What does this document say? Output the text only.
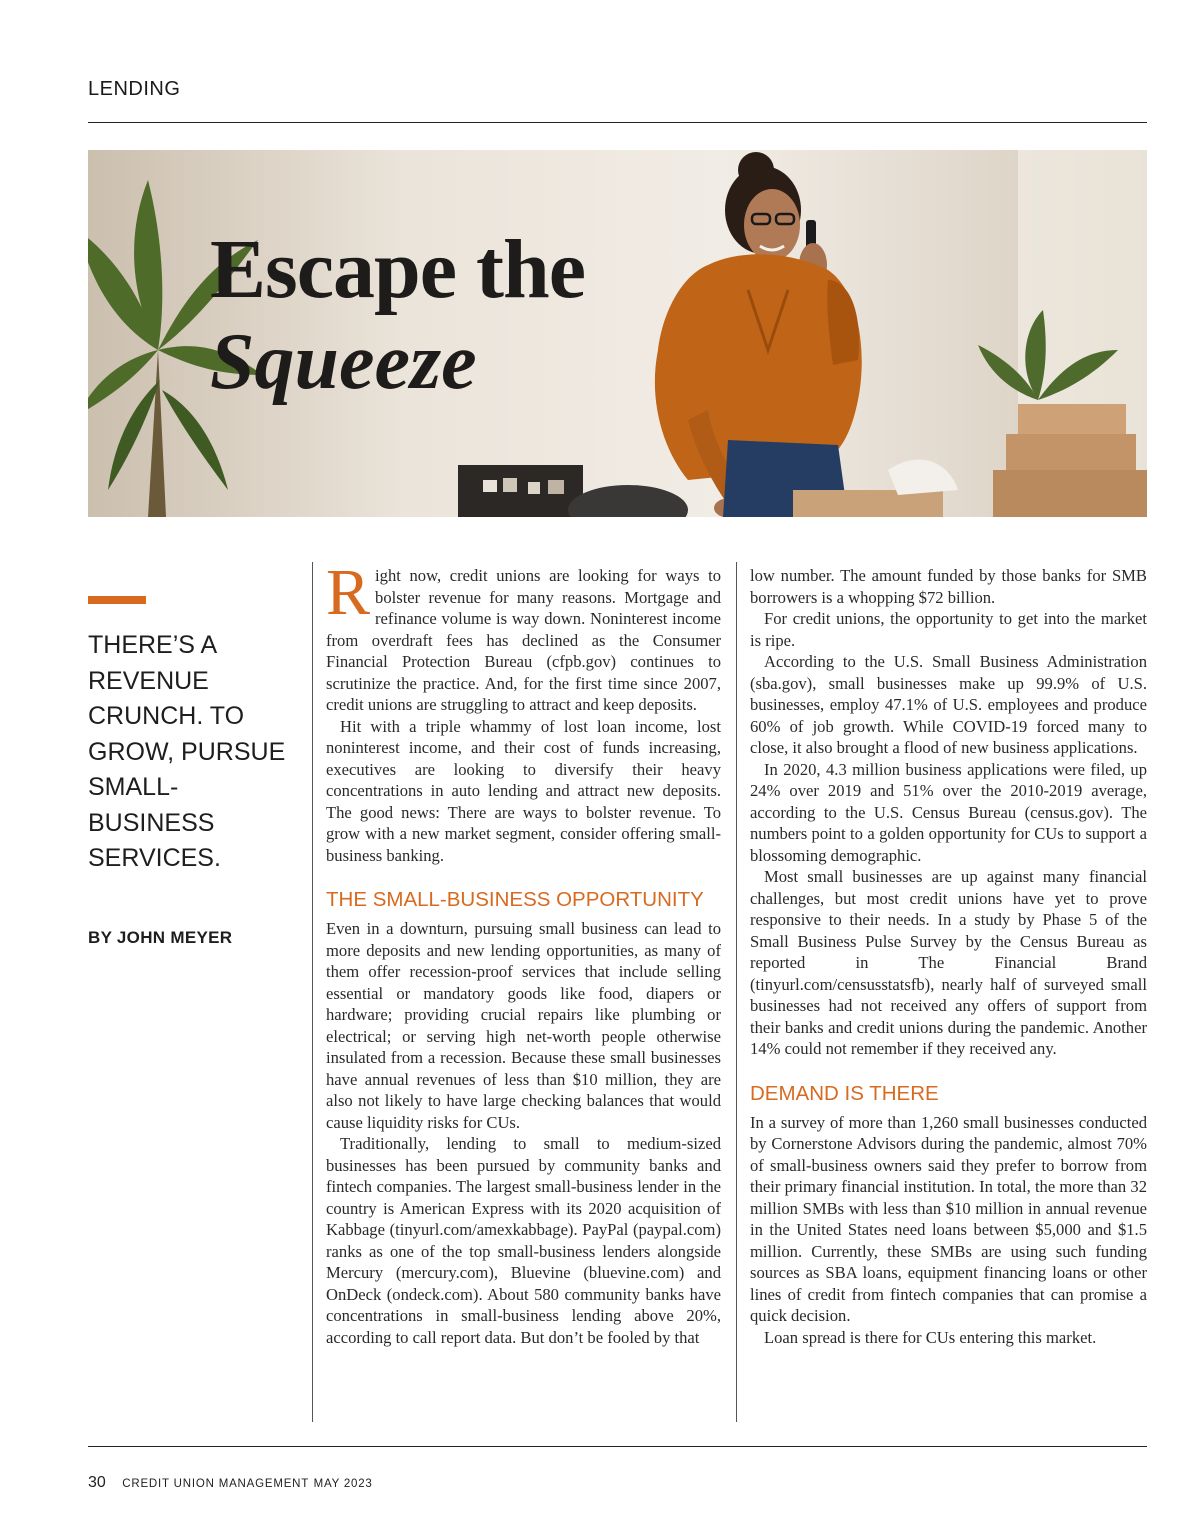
LENDING
Escape the
Squeeze
THERE’S A REVENUE CRUNCH. TO GROW, PURSUE SMALL-BUSINESS SERVICES.
BY JOHN MEYER

Right now, credit unions are looking for ways to bolster revenue for many reasons. Mortgage and refinance volume is way down. Noninterest income from overdraft fees has declined as the Consumer Financial Protection Bureau (cfpb.gov) continues to scrutinize the practice. And, for the first time since 2007, credit unions are struggling to attract and keep deposits.

Hit with a triple whammy of lost loan income, lost noninterest income, and their cost of funds increasing, executives are looking to diversify their heavy concentrations in auto lending and attract new deposits. The good news: There are ways to bolster revenue. To grow with a new market segment, consider offering small-business banking.

THE SMALL-BUSINESS OPPORTUNITY

Even in a downturn, pursuing small business can lead to more deposits and new lending opportunities, as many of them offer recession-proof services that include selling essential or mandatory goods like food, diapers or hardware; providing crucial repairs like plumbing or electrical; or serving high net-worth people otherwise insulated from a recession. Because these small businesses have annual revenues of less than $10 million, they are also not likely to have large checking balances that would cause liquidity risks for CUs.

Traditionally, lending to small to medium-sized businesses has been pursued by community banks and fintech companies. The largest small-business lender in the country is American Express with its 2020 acquisition of Kabbage (tinyurl.com/amexkabbage). PayPal (paypal.com) ranks as one of the top small-business lenders alongside Mercury (mercury.com), Bluevine (bluevine.com) and OnDeck (ondeck.com). About 580 community banks have concentrations in small-business lending above 20%, according to call report data. But don’t be fooled by that

low number. The amount funded by those banks for SMB borrowers is a whopping $72 billion.

For credit unions, the opportunity to get into the market is ripe.

According to the U.S. Small Business Administration (sba.gov), small businesses make up 99.9% of U.S. businesses, employ 47.1% of U.S. employees and produce 60% of job growth. While COVID-19 forced many to close, it also brought a flood of new business applications.

In 2020, 4.3 million business applications were filed, up 24% over 2019 and 51% over the 2010-2019 average, according to the U.S. Census Bureau (census.gov). The numbers point to a golden opportunity for CUs to support a blossoming demographic.

Most small businesses are up against many financial challenges, but most credit unions have yet to prove responsive to their needs. In a study by Phase 5 of the Small Business Pulse Survey by the Census Bureau as reported in The Financial Brand (tinyurl.com/censusstatsfb), nearly half of surveyed small businesses had not received any offers of support from their banks and credit unions during the pandemic. Another 14% could not remember if they received any.

DEMAND IS THERE

In a survey of more than 1,260 small businesses conducted by Cornerstone Advisors during the pandemic, almost 70% of small-business owners said they prefer to borrow from their primary financial institution. In total, the more than 32 million SMBs with less than $10 million in annual revenue in the United States need loans between $5,000 and $1.5 million. Currently, these SMBs are using such funding sources as SBA loans, equipment financing loans or other lines of credit from fintech companies that can promise a quick decision.

Loan spread is there for CUs entering this market.

30 CREDIT UNION MANAGEMENT MAY 2023
